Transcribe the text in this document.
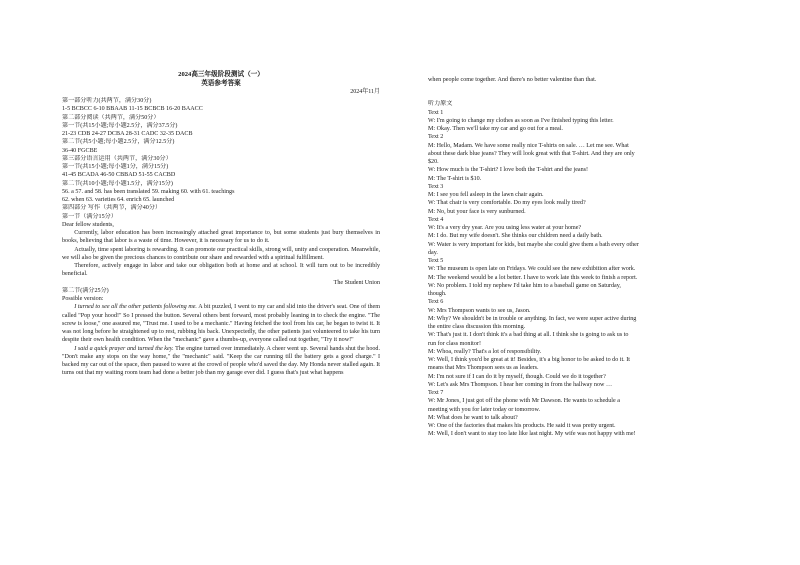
2024高三年级阶段测试（一）
英语参考答案
2024年11月
第一部分听力(共两节，满分30分)
1-5 BCBCC 6-10 BBAAB 11-15 BCBCB 16-20 BAACC
第二部分阅读（共两节，满分50分）
第一节(共15小题;每小题2.5分，满分37.5分)
21-23 CDB 24-27 DCBA 28-31 CADC 32-35 DACB
第二节(共5小题;每小题2.5分，满分12.5分)
36-40 FGCBE
第三部分语言运用（共两节，满分30分）
第一节(共15小题;每小题1分，满分15分)
41-45 BCADA 46-50 CBBAD 51-55 CACBD
第二节(共10小题;每小题1.5分，满分15分)
56. a 57. and 58. has been translated 59. making 60. with 61. teachings
62. when 63. varieties 64. enrich 65. launched
第四部分 写作（共两节，满分40分）
第一节（满分15分）
Dear fellow students,
Currently, labor education has been increasingly attached great importance to, but some students just bury themselves in books, believing that labor is a waste of time. However, it is necessary for us to do it.
Actually, time spent laboring is rewarding. It can promote our practical skills, strong will, unity and cooperation. Meanwhile, we will also be given the precious chances to contribute our share and rewarded with a spiritual fulfillment.
Therefore, actively engage in labor and take our obligation both at home and at school. It will turn out to be incredibly beneficial.
The Student Union
第二节(满分25分)
Possible version:
I turned to see all the other patients following me. A bit puzzled, I went to my car and slid into the driver's seat. One of them called "Pop your hood!" So I pressed the button. Several others bent forward, most probably leaning in to check the engine. "The screw is loose," one assured me, "Trust me. I used to be a mechanic." Having fetched the tool from his car, he began to twist it. It was not long before he straightened up to rest, rubbing his back. Unexpectedly, the other patients just volunteered to take his turn despite their own health condition. When the "mechanic" gave a thumbs-up, everyone called out together, "Try it now!"
I said a quick prayer and turned the key. The engine turned over immediately. A cheer went up. Several hands shut the hood. "Don't make any stops on the way home," the "mechanic" said. "Keep the car running till the battery gets a good charge." I backed my car out of the space, then paused to wave at the crowd of people who'd saved the day. My Honda never stalled again. It turns out that my waiting room team had done a better job than my garage ever did. I guess that's just what happens
when people come together. And there's no better valentine than that.
听力原文
Text 1
W: I'm going to change my clothes as soon as I've finished typing this letter.
M: Okay. Then we'll take my car and go out for a meal.
Text 2
M: Hello, Madam. We have some really nice T-shirts on sale. … Let me see. What
about these dark blue jeans? They will look great with that T-shirt. And they are only
$20.
W: How much is the T-shirt? I love both the T-shirt and the jeans!
M: The T-shirt is $10.
Text 3
M: I see you fell asleep in the lawn chair again.
W: That chair is very comfortable. Do my eyes look really tired?
M: No, but your face is very sunburned.
Text 4
W: It's a very dry year. Are you using less water at your home?
M: I do. But my wife doesn't. She thinks our children need a daily bath.
W: Water is very important for kids, but maybe she could give them a bath every other
day.
Text 5
W: The museum is open late on Fridays. We could see the new exhibition after work.
M: The weekend would be a lot better. I have to work late this week to finish a report.
W: No problem. I told my nephew I'd take him to a baseball game on Saturday,
though.
Text 6
W: Mrs Thompson wants to see us, Jason.
M: Why? We shouldn't be in trouble or anything. In fact, we were super active during
the entire class discussion this morning.
W: That's just it. I don't think it's a bad thing at all. I think she is going to ask us to
run for class monitor!
M: Whoa, really? That's a lot of responsibility.
W: Well, I think you'd be great at it! Besides, it's a big honor to be asked to do it. It
means that Mrs Thompson sees us as leaders.
M: I'm not sure if I can do it by myself, though. Could we do it together?
W: Let's ask Mrs Thompson. I hear her coming in from the hallway now …
Text 7
W: Mr Jones, I just got off the phone with Mr Dawson. He wants to schedule a
meeting with you for later today or tomorrow.
M: What does he want to talk about?
W: One of the factories that makes his products. He said it was pretty urgent.
M: Well, I don't want to stay too late like last night. My wife was not happy with me!
